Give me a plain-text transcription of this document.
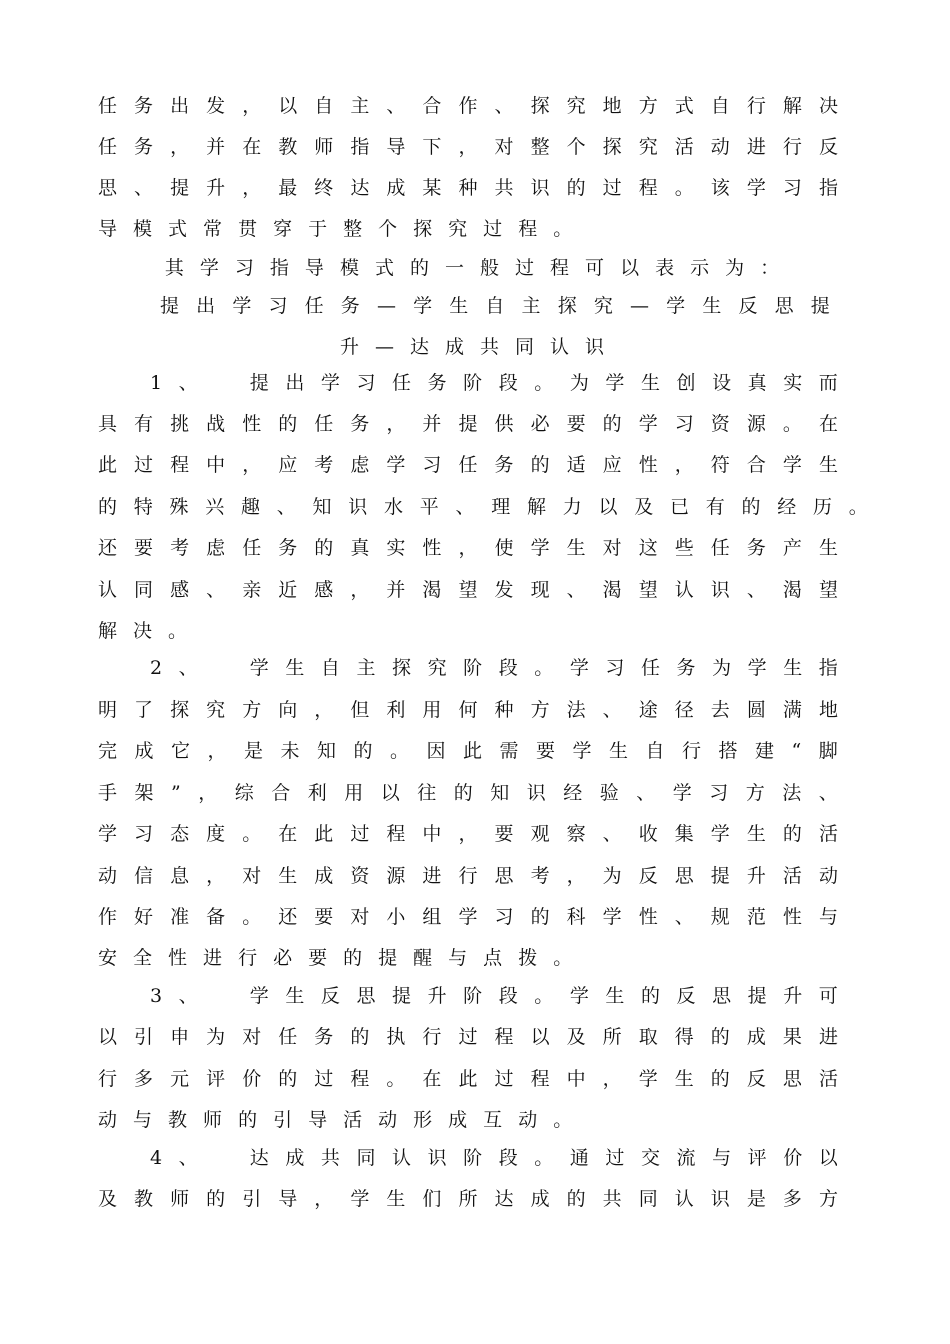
任 务 出 发 ， 以 自 主 、 合 作 、 探 究 地 方 式 自 行 解 决
任 务 ， 并 在 教 师 指 导 下 ， 对 整 个 探 究 活 动 进 行 反
思 、 提 升 ， 最 终 达 成 某 种 共 识 的 过 程 。 该 学 习 指
导 模 式 常 贯 穿 于 整 个 探 究 过 程 。
其 学 习 指 导 模 式 的 一 般 过 程 可 以 表 示 为 ：
提 出 学 习 任 务 — 学 生 自 主 探 究 — 学 生 反 思 提
升 — 达 成 共 同 认 识
1 、
　	提 出 学 习 任 务 阶 段 。 为 学 生 创 设 真 实 而
具 有 挑 战 性 的 任 务 ， 并 提 供 必 要 的 学 习 资 源 。 在
此 过 程 中 ， 应 考 虑 学 习 任 务 的 适 应 性 ， 符 合 学 生
的 特 殊 兴 趣 、 知 识 水 平 、 理 解 力 以 及 已 有 的 经 历 。
还 要 考 虑 任 务 的 真 实 性 ， 使 学 生 对 这 些 任 务 产 生
认 同 感 、 亲 近 感 ， 并 渴 望 发 现 、 渴 望 认 识 、 渴 望
解 决 。
2 、
　	学 生 自 主 探 究 阶 段 。 学 习 任 务 为 学 生 指
明 了 探 究 方 向 ， 但 利 用 何 种 方 法 、 途 径 去 圆 满 地
完 成 它 ， 是 未 知 的 。 因 此 需 要 学 生 自 行 搭 建 “ 脚
手 架 ” ， 综 合 利 用 以 往 的 知 识 经 验 、 学 习 方 法 、
学 习 态 度 。 在 此 过 程 中 ， 要 观 察 、 收 集 学 生 的 活
动 信 息 ， 对 生 成 资 源 进 行 思 考 ， 为 反 思 提 升 活 动
作 好 准 备 。 还 要 对 小 组 学 习 的 科 学 性 、 规 范 性 与
安 全 性 进 行 必 要 的 提 醒 与 点 拨 。
3 、
　	学 生 反 思 提 升 阶 段 。 学 生 的 反 思 提 升 可
以 引 申 为 对 任 务 的 执 行 过 程 以 及 所 取 得 的 成 果 进
行 多 元 评 价 的 过 程 。 在 此 过 程 中 ， 学 生 的 反 思 活
动 与 教 师 的 引 导 活 动 形 成 互 动 。
4 、
　	达 成 共 同 认 识 阶 段 。 通 过 交 流 与 评 价 以
及 教 师 的 引 导 ， 学 生 们 所 达 成 的 共 同 认 识 是 多 方
